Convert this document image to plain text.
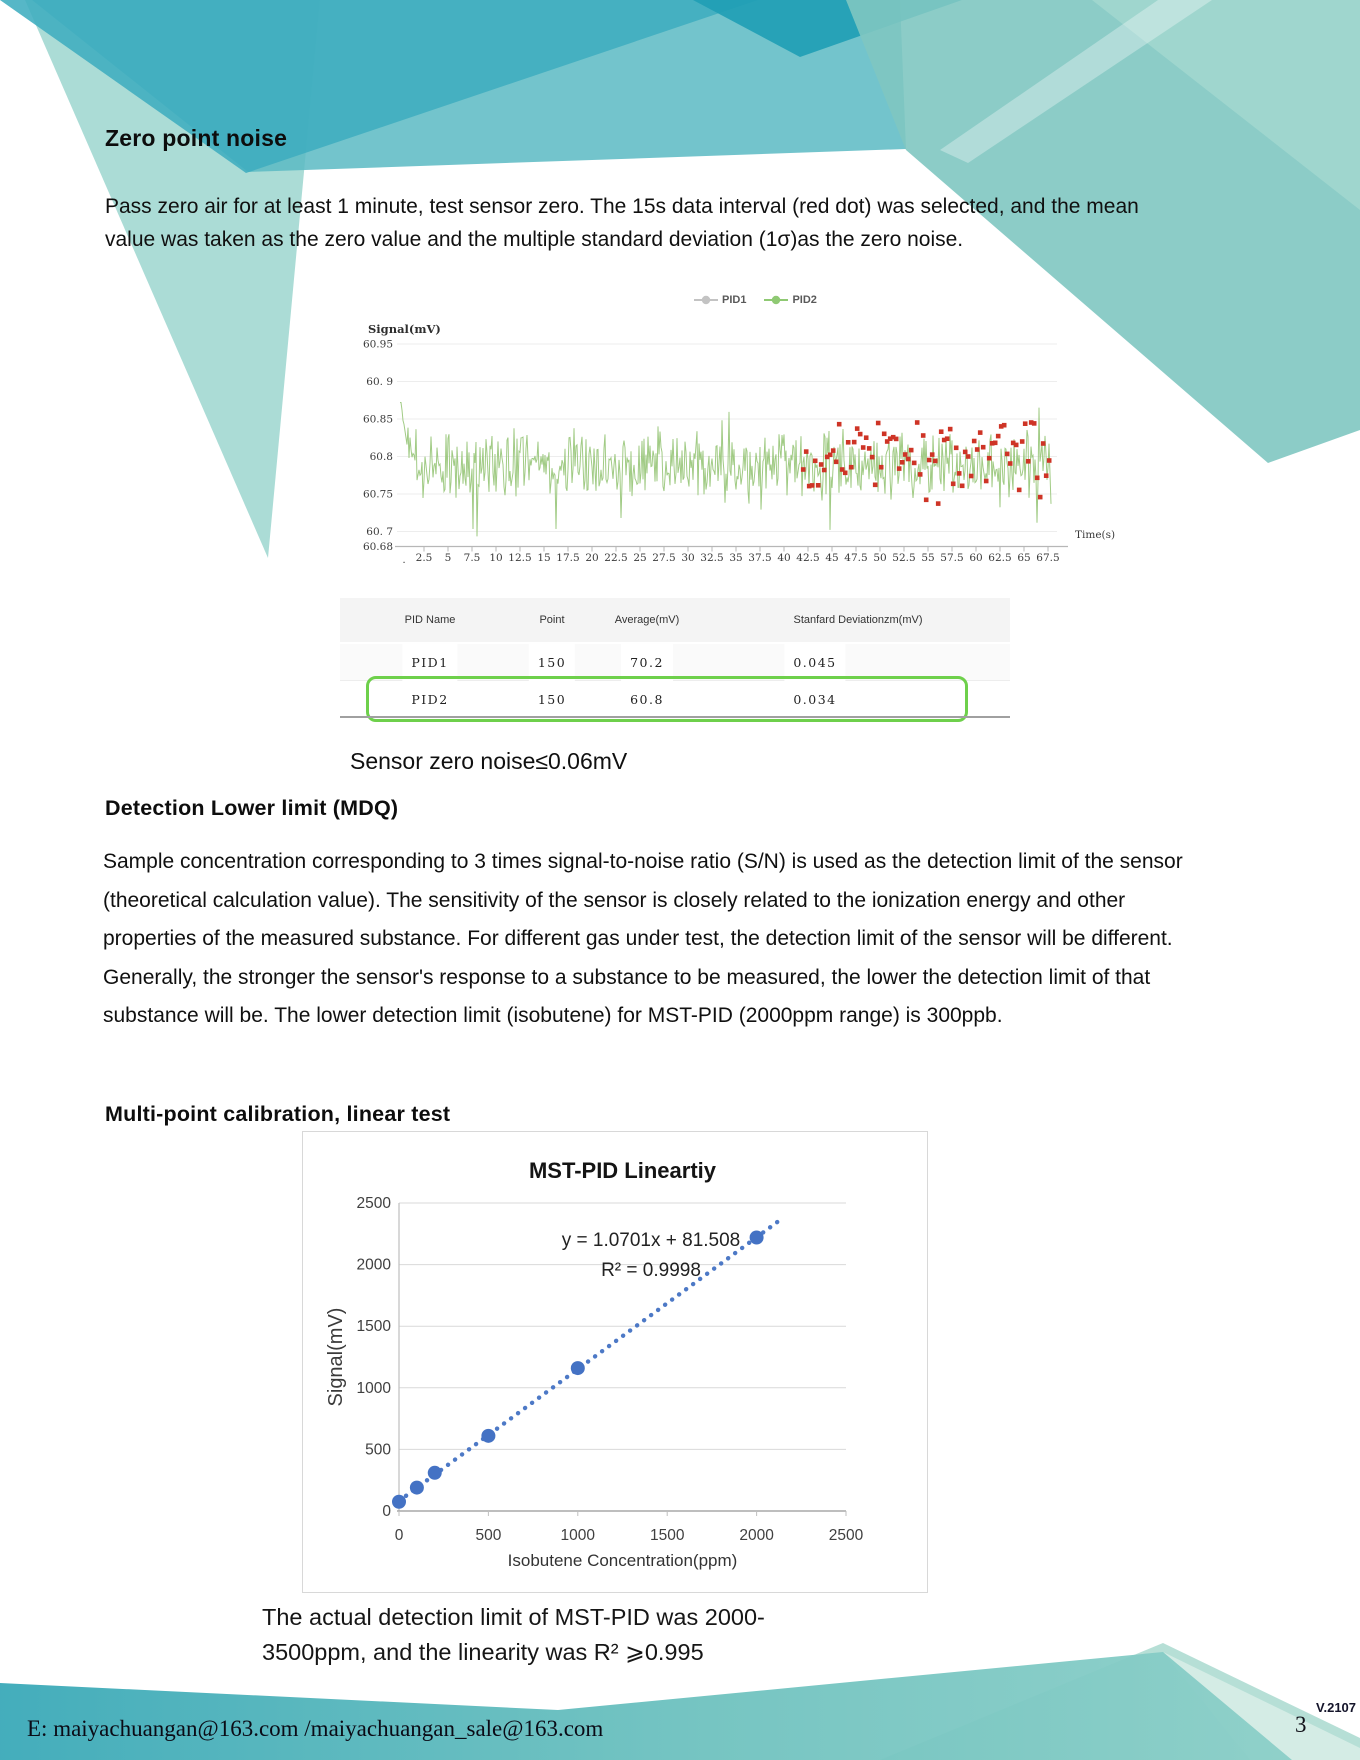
Zero point noise
Pass zero air for at least 1 minute, test sensor zero. The 15s data interval (red dot) was selected, and the mean value was taken as the zero value and the multiple standard deviation (1σ)as the zero noise.
PID1	PID2
60.95
60. 9
60.85
60.8
60.75
60. 7
60.68
2.5 5 7.5 10 12.5 15 17.5 20 22.5 25 27.5 30 32.5 35 37.5 40 42.5 45 47.5 50 52.5 55 57.5 60 62.5 65 67.5
.
Time(s)
Signal(mV)
PID Name	Point	Average(mV)	Stanfard Deviationzm(mV)
PID1	150	70.2	0.045
PID2	150	60.8	0.034
Sensor zero noise≤0.06mV
Detection Lower limit (MDQ)
Sample concentration corresponding to 3 times signal-to-noise ratio (S/N) is used as the detection limit of the sensor (theoretical calculation value). The sensitivity of the sensor is closely related to the ionization energy and other properties of the measured substance. For different gas under test, the detection limit of the sensor will be different. Generally, the stronger the sensor's response to a substance to be measured, the lower the detection limit of that substance will be. The lower detection limit (isobutene) for MST-PID (2000ppm range) is 300ppb.
Multi-point calibration, linear test
0
500
1000
1500
2000
2500
0	500	1000	1500	2000	2500
MST-PID Lineartiy
y = 1.0701x + 81.508
R² = 0.9998
Isobutene Concentration(ppm)
Signal(mV)
The actual detection limit of MST-PID was 2000-
3500ppm, and the linearity was R² ⩾0.995
E: maiyachuangan@163.com /maiyachuangan_sale@163.com	3
V.2107
